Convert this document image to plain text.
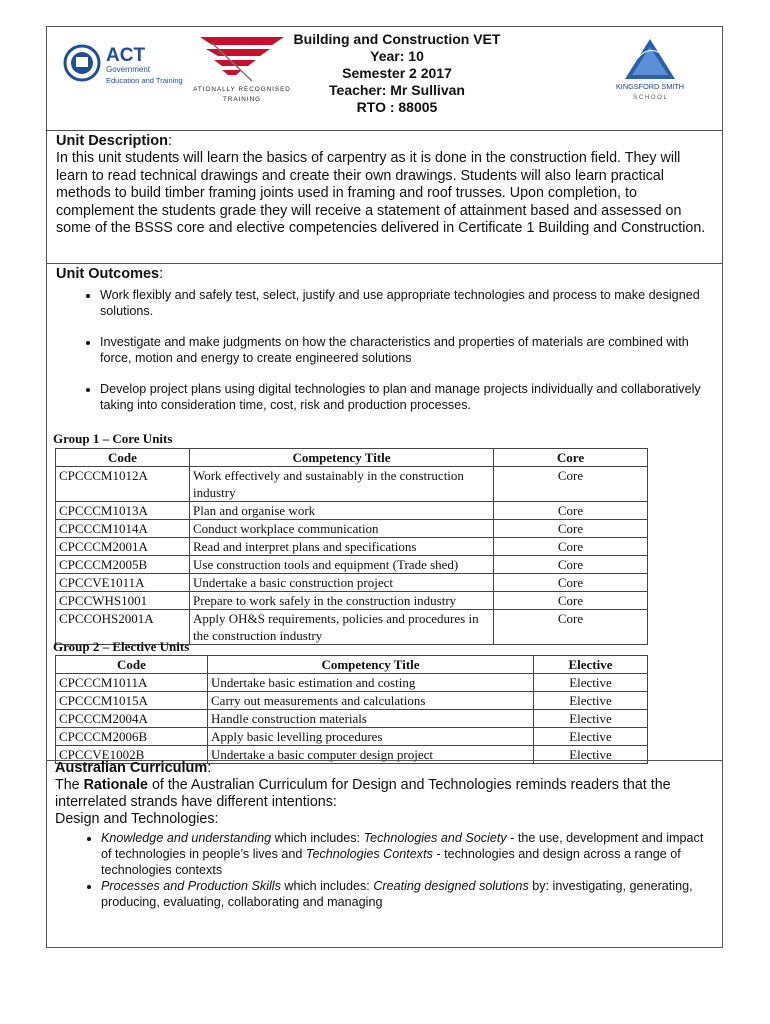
ACT
Government
Education and Training
ATIONALLY RECOGNISED
TRAINING
Building and Construction VET
Year: 10
Semester 2 2017
Teacher: Mr Sullivan
RTO : 88005
KINGSFORD SMITH
S C H O O L
Unit Description:
In this unit students will learn the basics of carpentry as it is done in the construction field. They will learn to read technical drawings and create their own drawings. Students will also learn practical methods to build timber framing joints used in framing and roof trusses. Upon completion, to complement the students grade they will receive a statement of attainment based and assessed on some of the BSSS core and elective competencies delivered in Certificate 1 Building and Construction.
Unit Outcomes:
• Work flexibly and safely test, select, justify and use appropriate technologies and process to make designed solutions.
• Investigate and make judgments on how the characteristics and properties of materials are combined with force, motion and energy to create engineered solutions
• Develop project plans using digital technologies to plan and manage projects individually and collaboratively taking into consideration time, cost, risk and production processes.
Group 1 – Core Units
Code	Competency Title	Core
CPCCCM1012A	Work effectively and sustainably in the construction industry	Core
CPCCCM1013A	Plan and organise work	Core
CPCCCM1014A	Conduct workplace communication	Core
CPCCCM2001A	Read and interpret plans and specifications	Core
CPCCCM2005B	Use construction tools and equipment (Trade shed)	Core
CPCCVE1011A	Undertake a basic construction project	Core
CPCCWHS1001	Prepare to work safely in the construction industry	Core
CPCCOHS2001A	Apply OH&S requirements, policies and procedures in the construction industry	Core
Group 2 – Elective Units
Code	Competency Title	Elective
CPCCCM1011A	Undertake basic estimation and costing	Elective
CPCCCM1015A	Carry out measurements and calculations	Elective
CPCCCM2004A	Handle construction materials	Elective
CPCCCM2006B	Apply basic levelling procedures	Elective
CPCCVE1002B	Undertake a basic computer design project	Elective
Australian Curriculum:
The Rationale of the Australian Curriculum for Design and Technologies reminds readers that the interrelated strands have different intentions:
Design and Technologies:
• Knowledge and understanding which includes: Technologies and Society - the use, development and impact of technologies in people’s lives and Technologies Contexts - technologies and design across a range of technologies contexts
• Processes and Production Skills which includes: Creating designed solutions by: investigating, generating, producing, evaluating, collaborating and managing
